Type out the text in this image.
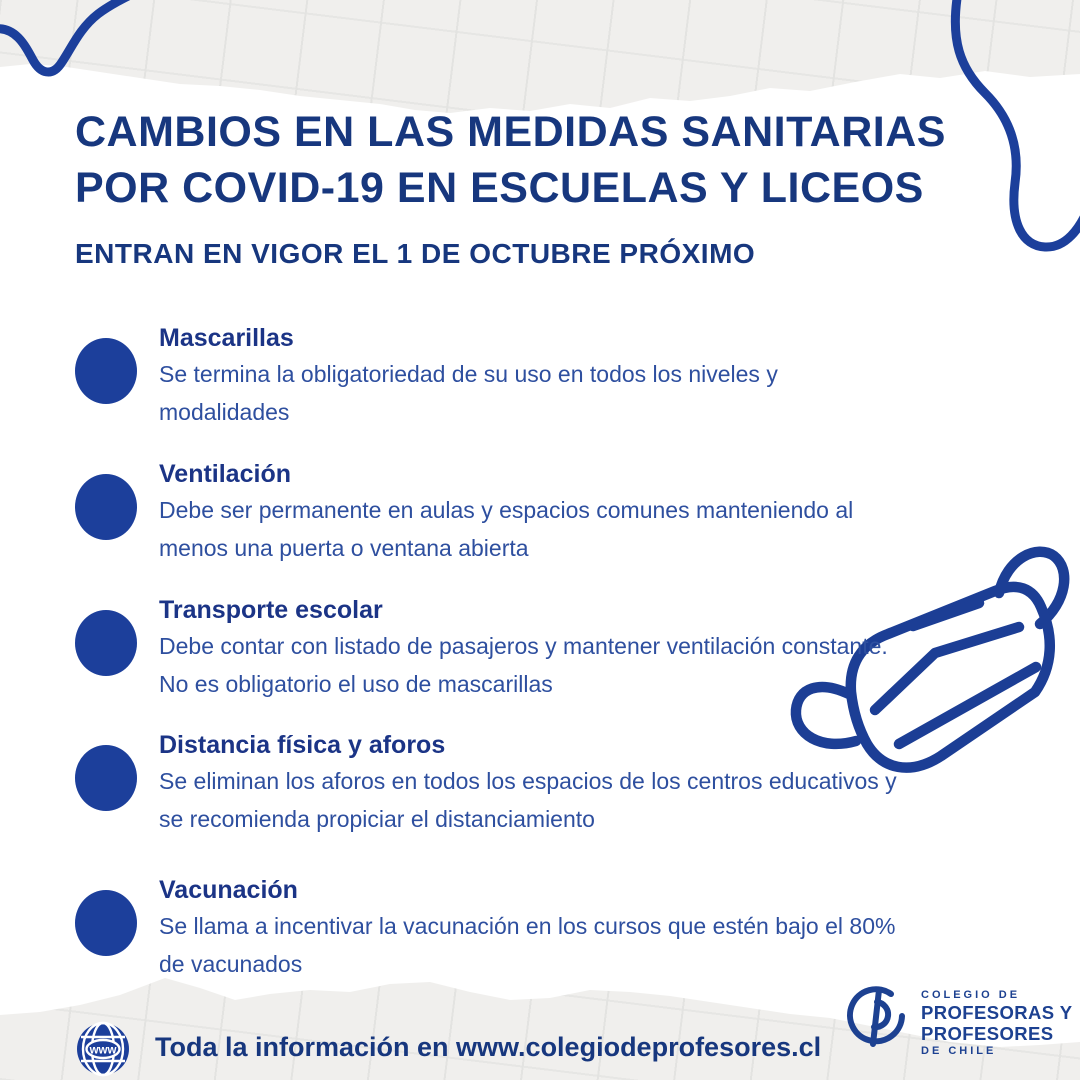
CAMBIOS EN LAS MEDIDAS SANITARIAS
POR COVID-19 EN ESCUELAS Y LICEOS
ENTRAN EN VIGOR EL 1 DE OCTUBRE PRÓXIMO

Mascarillas

Se termina la obligatoriedad de su uso en todos los niveles y modalidades

Ventilación

Debe ser permanente en aulas y espacios comunes manteniendo al menos una puerta o ventana abierta

Transporte escolar

Debe contar con listado de pasajeros y mantener ventilación constante. No es obligatorio el uso de mascarillas

Distancia física y aforos

Se eliminan los aforos en todos los espacios de los centros educativos y se recomienda propiciar el distanciamiento

Vacunación

Se llama a incentivar la vacunación en los cursos que estén bajo el 80% de vacunados

www Toda la información en www.colegiodeprofesores.cl
COLEGIO DE
PROFESORAS Y
PROFESORES
DE CHILE
